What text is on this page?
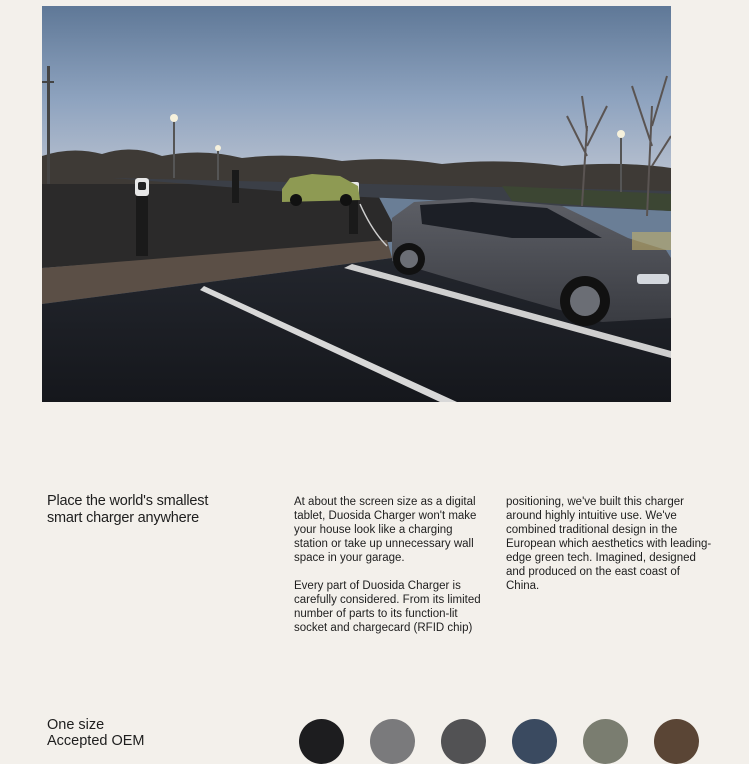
Place the world's smallest
smart charger anywhere

At about the screen size as a digital tablet, Duosida Charger won't make your house look like a charging station or take up unnecessary wall space in your garage.

Every part of Duosida Charger is carefully considered. From its limited number of parts to its function-lit socket and chargecard (RFID chip)

positioning, we've built this charger around highly intuitive use. We've combined traditional design in the European which aesthetics with leading-edge green tech. Imagined, designed and produced on the east coast of China.

One size
Accepted OEM
